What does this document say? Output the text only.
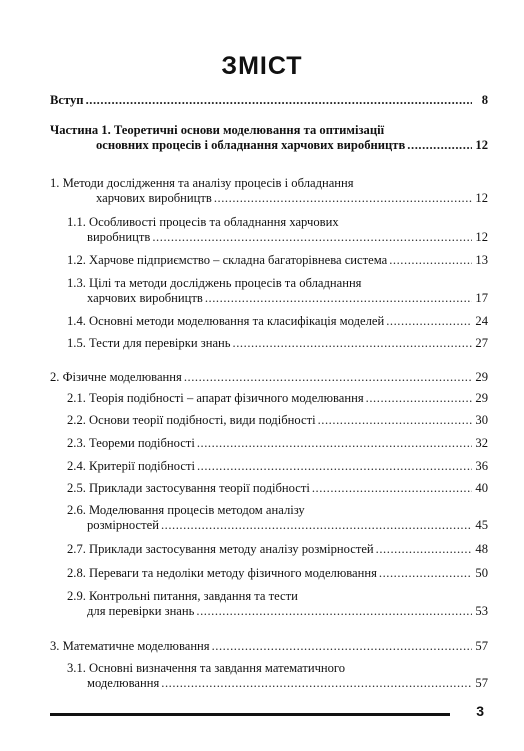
ЗМІСТ
Вступ . . .	8
Частина 1. Теоретичні основи моделювання та оптимізації
основних процесів і обладнання харчових виробництв . . .	12
1. Методи дослідження та аналізу процесів і обладнання
харчових виробництв . . .	12
1.1. Особливості процесів та обладнання харчових
виробництв . . .	12
1.2. Харчове підприємство – складна багаторівнева система . . .	13
1.3. Цілі та методи досліджень процесів та обладнання
харчових виробництв . . .	17
1.4. Основні методи моделювання та класифікація моделей . . .	24
1.5. Тести для перевірки знань . . .	27
2. Фізичне моделювання . . .	29
2.1. Теорія подібності – апарат фізичного моделювання . . .	29
2.2. Основи теорії подібності, види подібності . . .	30
2.3. Теореми подібності . . .	32
2.4. Критерії подібності . . .	36
2.5. Приклади застосування теорії подібності . . .	40
2.6. Моделювання процесів методом аналізу
розмірностей . . .	45
2.7. Приклади застосування методу аналізу розмірностей . . .	48
2.8. Переваги та недоліки методу фізичного моделювання . . .	50
2.9. Контрольні питання, завдання та тести
для перевірки знань . . .	53
3. Математичне моделювання . . .	57
3.1. Основні визначення та завдання математичного
моделювання . . .	57
3
